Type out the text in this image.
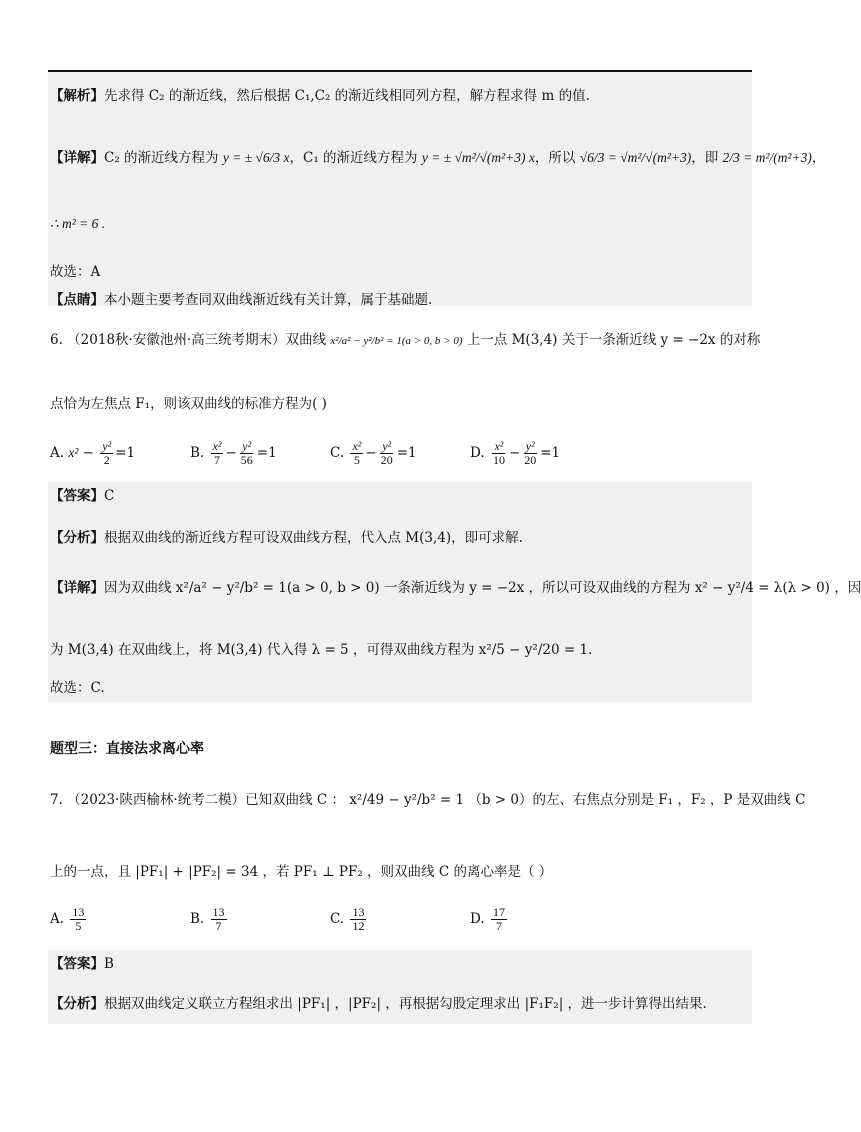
【解析】先求得 C₂ 的渐近线，然后根据 C₁,C₂ 的渐近线相同列方程，解方程求得 m 的值.
【详解】C₂ 的渐近线方程为 y = ± √6/3 x，C₁ 的渐近线方程为 y = ± √m²/√(m²+3) x，所以 √6/3 = √m²/√(m²+3)，即 2/3 = m²/(m²+3)，
∴ m² = 6 .
故选：A
【点睛】本小题主要考查同双曲线渐近线有关计算，属于基础题.
6. （2018秋·安徽池州·高三统考期末）双曲线 x²/a² − y²/b² = 1(a > 0, b > 0) 上一点 M(3,4) 关于一条渐近线 y = −2x 的对称
点恰为左焦点 F₁，则该双曲线的标准方程为( )
A. $x^2 - \frac{\text{y²}}{2} =1$	B. $\frac{\text{x²}}{7} - \frac{\text{y²}}{56} =1$	C. $\frac{\text{x²}}{5} - \frac{\text{y²}}{20} =1$	D. $\frac{\text{x²}}{10} - \frac{\text{y²}}{20} =1$
【答案】C
【分析】根据双曲线的渐近线方程可设双曲线方程，代入点 M(3,4)，即可求解.
【详解】因为双曲线 x²/a² − y²/b² = 1(a > 0, b > 0) 一条渐近线为 y = −2x ，所以可设双曲线的方程为 x² − y²/4 = λ(λ > 0) ，因
为 M(3,4) 在双曲线上，将 M(3,4) 代入得 λ = 5 ，可得双曲线方程为 x²/5 − y²/20 = 1.
故选：C.
题型三：直接法求离心率
7. （2023·陕西榆林·统考二模）已知双曲线 C ： x²/49 − y²/b² = 1 （b > 0）的左、右焦点分别是 F₁ ，F₂ ，P 是双曲线 C
上的一点，且 |PF₁| + |PF₂| = 34 ，若 PF₁ ⊥ PF₂ ，则双曲线 C 的离心率是（ ）
A. $\frac{13}{5}$	B. $\frac{13}{7}$	C. $\frac{13}{12}$	D. $\frac{17}{7}$
【答案】B
【分析】根据双曲线定义联立方程组求出 |PF₁| ，|PF₂| ，再根据勾股定理求出 |F₁F₂| ，进一步计算得出结果.
